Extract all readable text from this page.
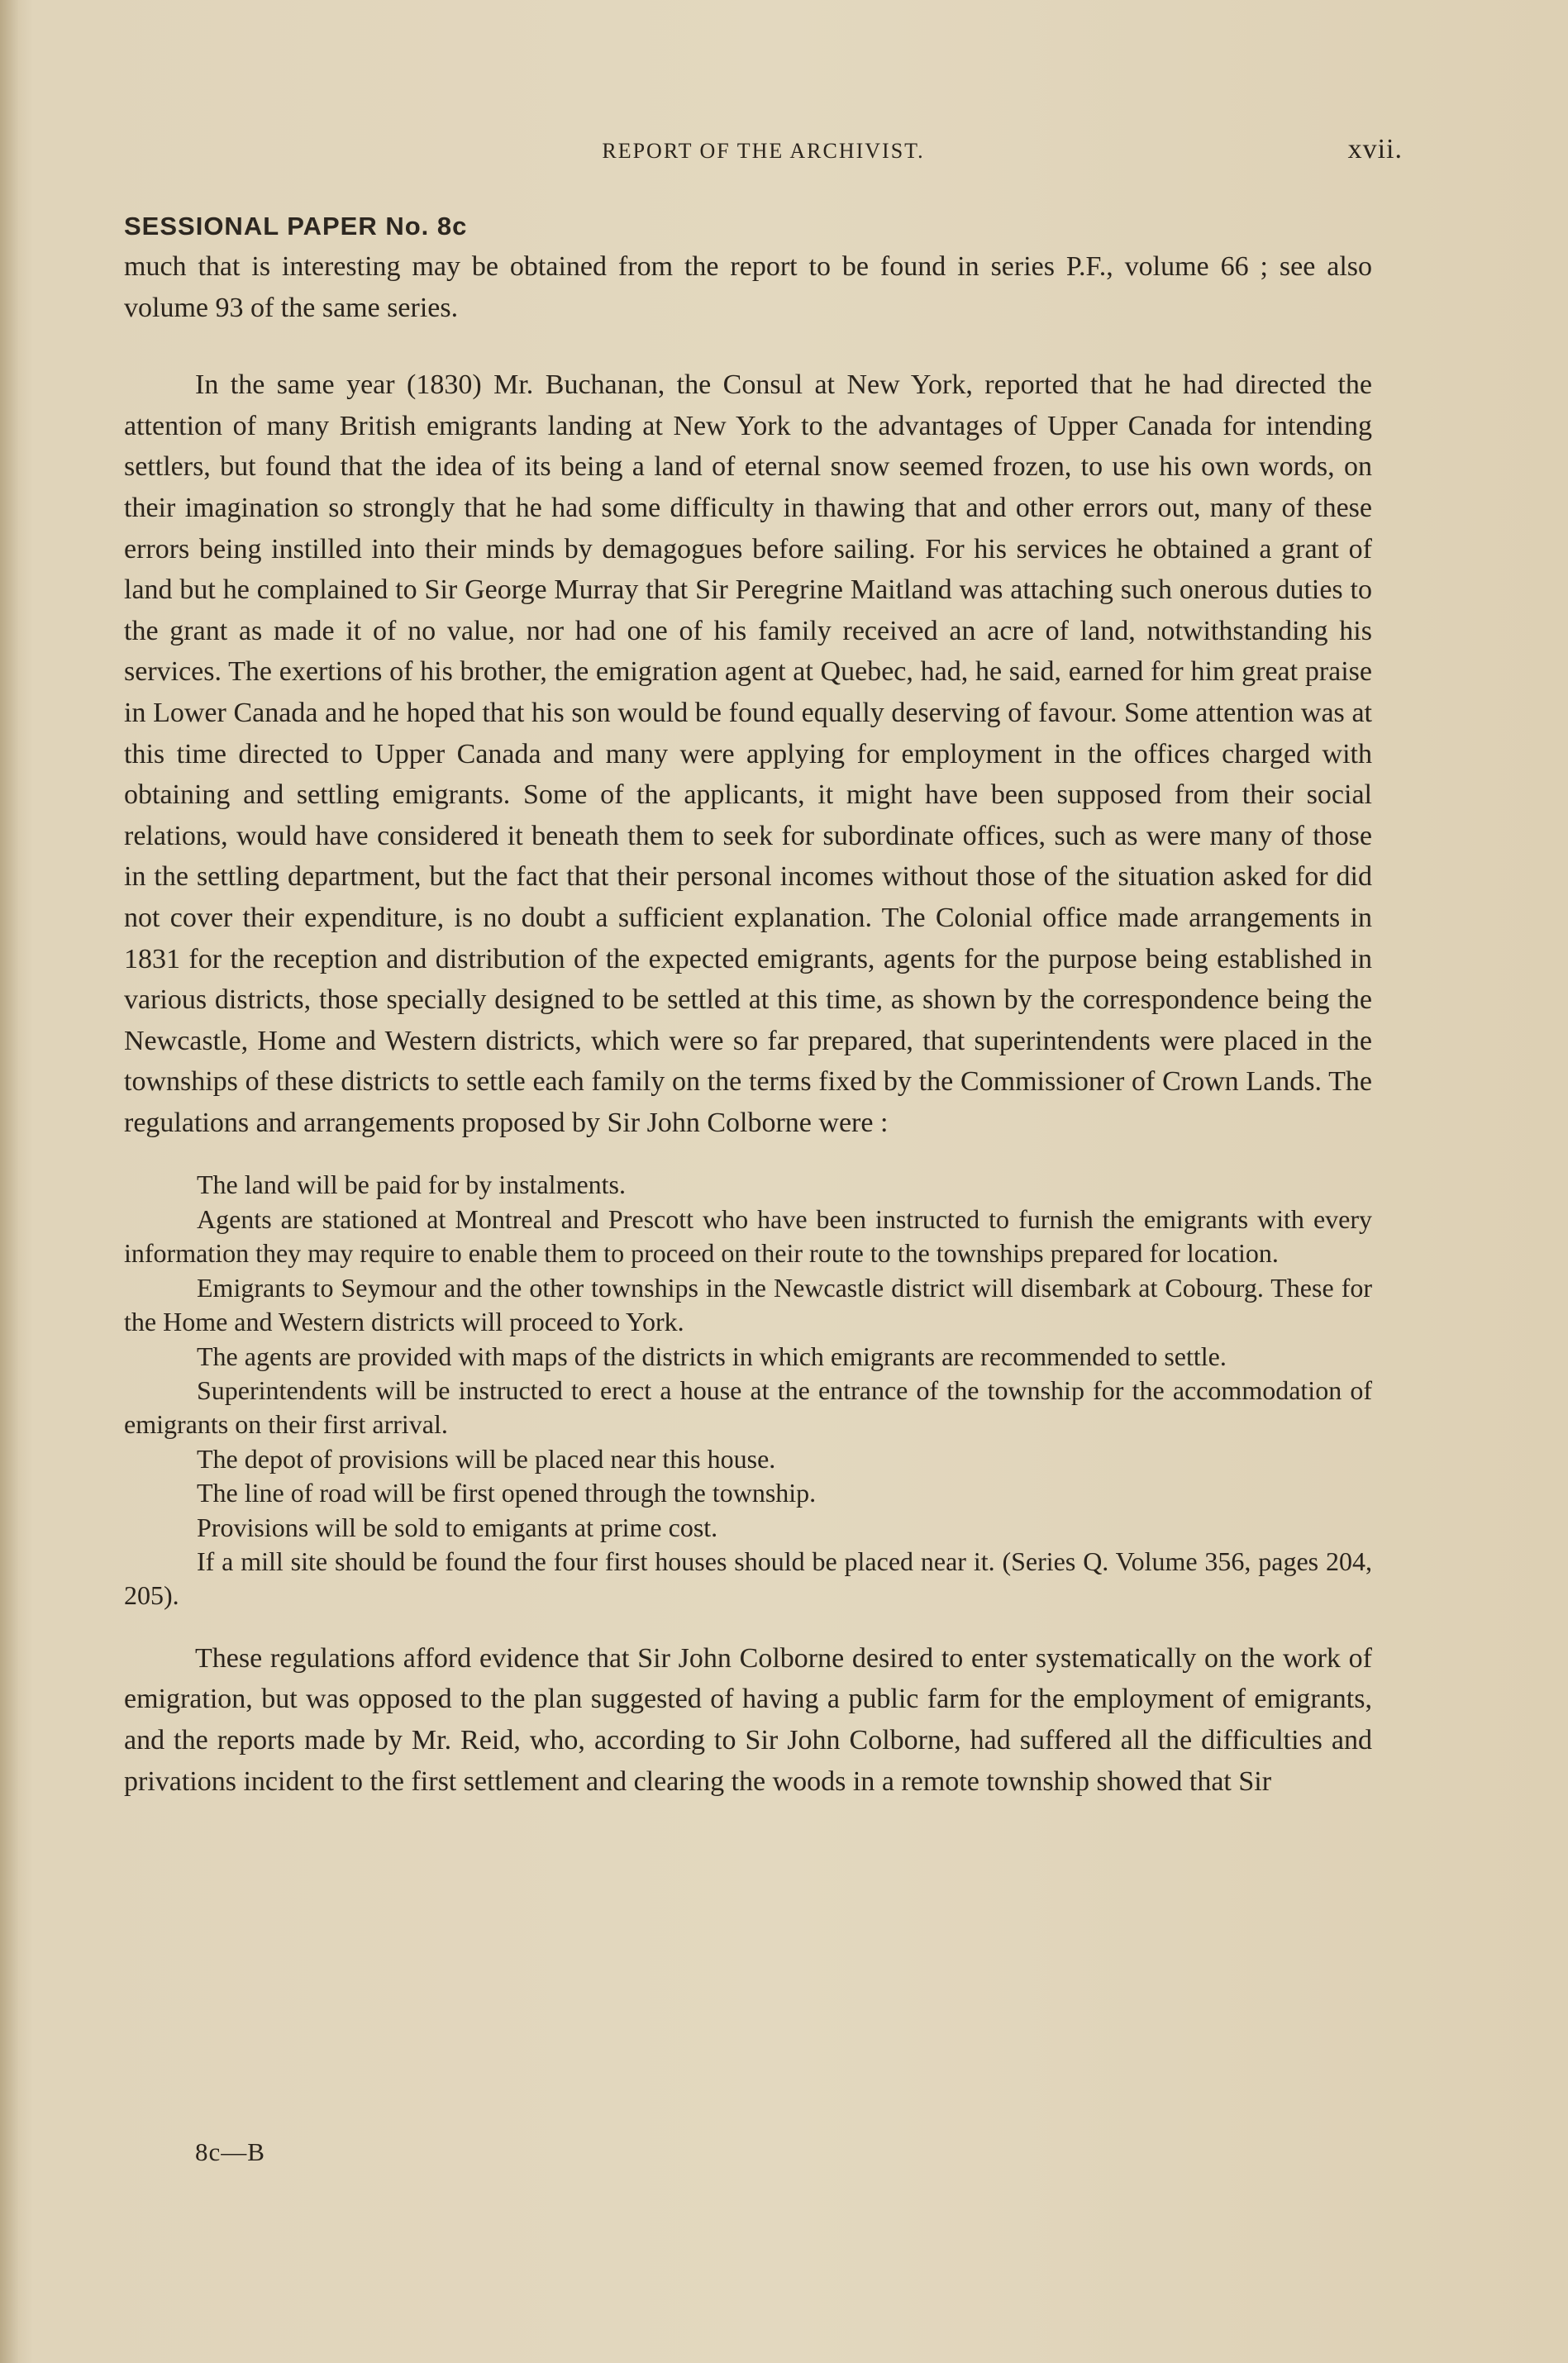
REPORT OF THE ARCHIVIST.	xvii.
SESSIONAL PAPER No. 8c

much that is interesting may be obtained from the report to be found in series P.F., volume 66 ; see also volume 93 of the same series.

In the same year (1830) Mr. Buchanan, the Consul at New York, reported that he had directed the attention of many British emigrants landing at New York to the advantages of Upper Canada for intending settlers, but found that the idea of its being a land of eternal snow seemed frozen, to use his own words, on their imagination so strongly that he had some difficulty in thawing that and other errors out, many of these errors being instilled into their minds by demagogues before sailing. For his services he obtained a grant of land but he complained to Sir George Murray that Sir Peregrine Maitland was attaching such onerous duties to the grant as made it of no value, nor had one of his family received an acre of land, notwithstanding his services. The exertions of his brother, the emigration agent at Quebec, had, he said, earned for him great praise in Lower Canada and he hoped that his son would be found equally deserving of favour. Some attention was at this time directed to Upper Canada and many were applying for employment in the offices charged with obtaining and settling emigrants. Some of the applicants, it might have been supposed from their social relations, would have considered it beneath them to seek for subordinate offices, such as were many of those in the settling department, but the fact that their personal incomes without those of the situation asked for did not cover their expenditure, is no doubt a sufficient explanation. The Colonial office made arrangements in 1831 for the reception and distribution of the expected emigrants, agents for the purpose being established in various districts, those specially designed to be settled at this time, as shown by the correspondence being the Newcastle, Home and Western districts, which were so far prepared, that superintendents were placed in the townships of these districts to settle each family on the terms fixed by the Commissioner of Crown Lands. The regulations and arrangements proposed by Sir John Colborne were :

The land will be paid for by instalments.

Agents are stationed at Montreal and Prescott who have been instructed to furnish the emigrants with every information they may require to enable them to proceed on their route to the townships prepared for location.

Emigrants to Seymour and the other townships in the Newcastle district will disembark at Cobourg. These for the Home and Western districts will proceed to York.

The agents are provided with maps of the districts in which emigrants are recommended to settle.

Superintendents will be instructed to erect a house at the entrance of the township for the accommodation of emigrants on their first arrival.

The depot of provisions will be placed near this house.

The line of road will be first opened through the township.

Provisions will be sold to emigants at prime cost.

If a mill site should be found the four first houses should be placed near it. (Series Q. Volume 356, pages 204, 205).

These regulations afford evidence that Sir John Colborne desired to enter systematically on the work of emigration, but was opposed to the plan suggested of having a public farm for the employment of emigrants, and the reports made by Mr. Reid, who, according to Sir John Colborne, had suffered all the difficulties and privations incident to the first settlement and clearing the woods in a remote township showed that Sir

8c—B
